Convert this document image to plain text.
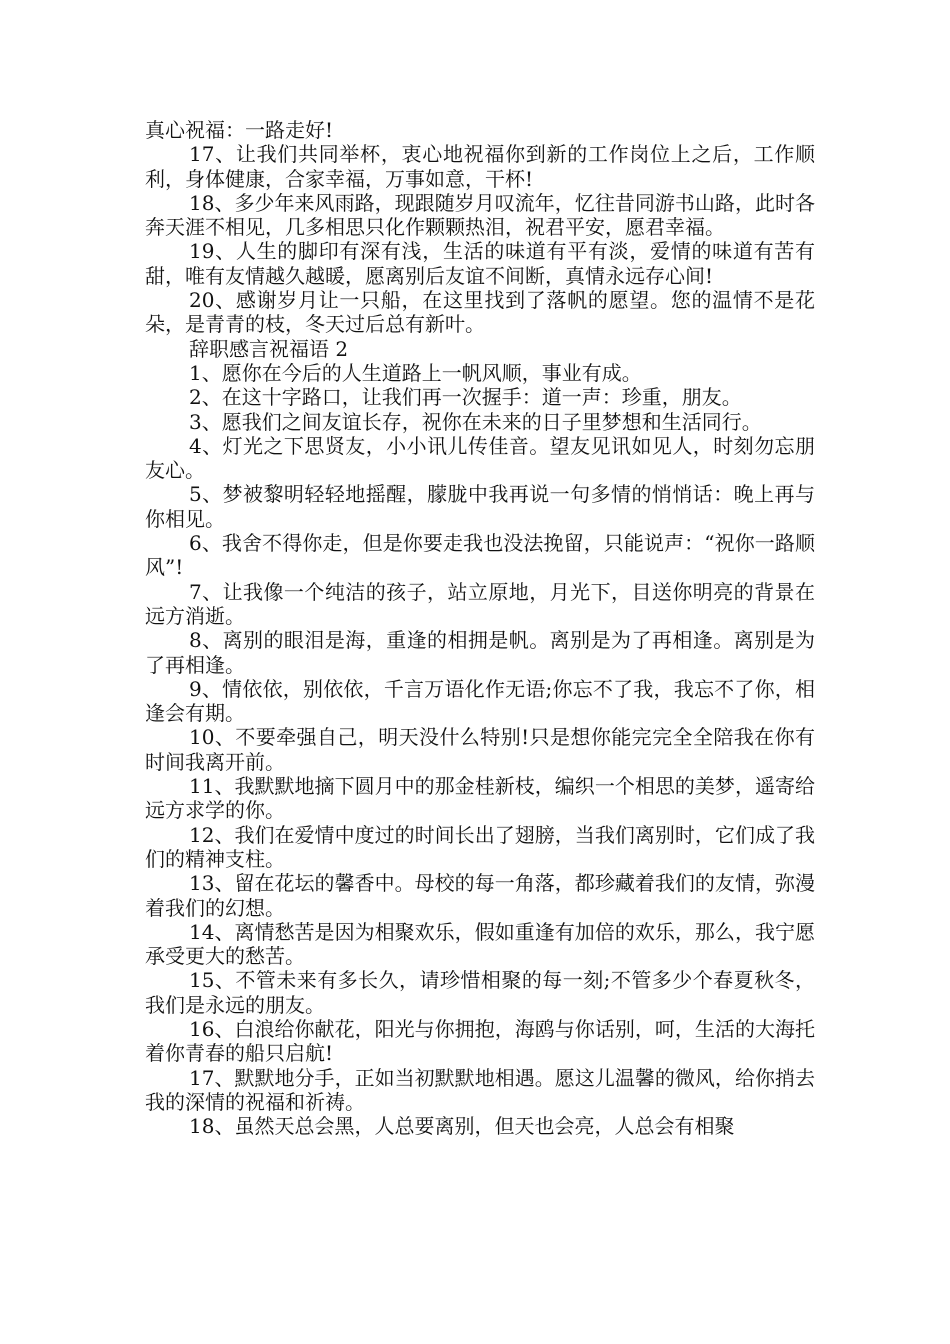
真心祝福：一路走好!

17、让我们共同举杯，衷心地祝福你到新的工作岗位上之后，工作顺利，身体健康，合家幸福，万事如意，干杯!

18、多少年来风雨路，现跟随岁月叹流年，忆往昔同游书山路，此时各奔天涯不相见，几多相思只化作颗颗热泪，祝君平安，愿君幸福。

19、人生的脚印有深有浅，生活的味道有平有淡，爱情的味道有苦有甜，唯有友情越久越暖，愿离别后友谊不间断，真情永远存心间!

20、感谢岁月让一只船，在这里找到了落帆的愿望。您的温情不是花朵，是青青的枝，冬天过后总有新叶。

辞职感言祝福语 2

1、愿你在今后的人生道路上一帆风顺，事业有成。

2、在这十字路口，让我们再一次握手：道一声：珍重，朋友。

3、愿我们之间友谊长存，祝你在未来的日子里梦想和生活同行。

4、灯光之下思贤友，小小讯儿传佳音。望友见讯如见人，时刻勿忘朋友心。

5、梦被黎明轻轻地摇醒，朦胧中我再说一句多情的悄悄话：晚上再与你相见。

6、我舍不得你走，但是你要走我也没法挽留，只能说声：“祝你一路顺风”!

7、让我像一个纯洁的孩子，站立原地，月光下，目送你明亮的背景在远方消逝。

8、离别的眼泪是海，重逢的相拥是帆。离别是为了再相逢。离别是为了再相逢。

9、情依依，别依依，千言万语化作无语;你忘不了我，我忘不了你，相逢会有期。

10、不要牵强自己，明天没什么特别!只是想你能完完全全陪我在你有时间我离开前。

11、我默默地摘下圆月中的那金桂新枝，编织一个相思的美梦，遥寄给远方求学的你。

12、我们在爱情中度过的时间长出了翅膀，当我们离别时，它们成了我们的精神支柱。

13、留在花坛的馨香中。母校的每一角落，都珍藏着我们的友情，弥漫着我们的幻想。

14、离情愁苦是因为相聚欢乐，假如重逢有加倍的欢乐，那么，我宁愿承受更大的愁苦。

15、不管未来有多长久，请珍惜相聚的每一刻;不管多少个春夏秋冬，我们是永远的朋友。

16、白浪给你献花，阳光与你拥抱，海鸥与你话别，呵，生活的大海托着你青春的船只启航!

17、默默地分手，正如当初默默地相遇。愿这儿温馨的微风，给你捎去我的深情的祝福和祈祷。

18、虽然天总会黑，人总要离别，但天也会亮，人总会有相聚
